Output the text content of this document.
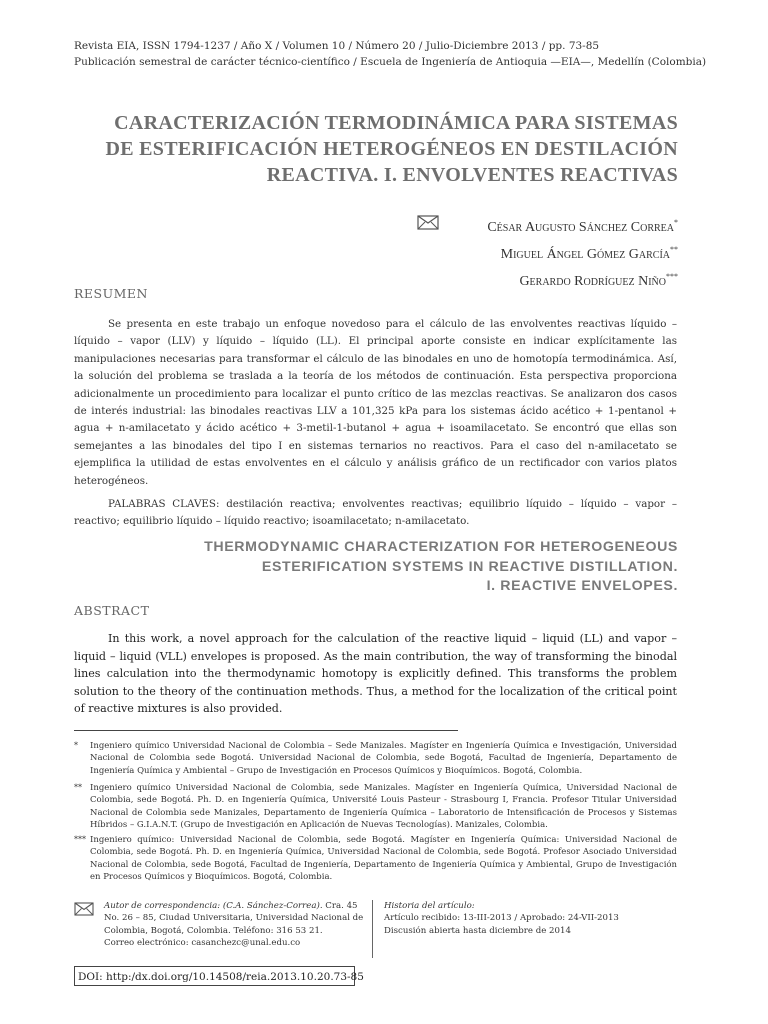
Revista EIA, ISSN 1794-1237 / Año X / Volumen 10 / Número 20 / Julio-Diciembre 2013 / pp. 73-85
Publicación semestral de carácter técnico-científico / Escuela de Ingeniería de Antioquia —EIA—, Medellín (Colombia)
CARACTERIZACIÓN TERMODINÁMICA PARA SISTEMAS
DE ESTERIFICACIÓN HETEROGÉNEOS EN DESTILACIÓN
REACTIVA. I. ENVOLVENTES REACTIVAS
César Augusto Sánchez Correa*
Miguel Ángel Gómez García**
Gerardo Rodríguez Niño***
RESUMEN

Se presenta en este trabajo un enfoque novedoso para el cálculo de las envolventes reactivas líquido – líquido – vapor (LLV) y líquido – líquido (LL). El principal aporte consiste en indicar explícitamente las manipulaciones necesarias para transformar el cálculo de las binodales en uno de homotopía termodinámica. Así, la solución del problema se traslada a la teoría de los métodos de continuación. Esta perspectiva proporciona adicionalmente un procedimiento para localizar el punto crítico de las mezclas reactivas. Se analizaron dos casos de interés industrial: las binodales reactivas LLV a 101,325 kPa para los sistemas ácido acético + 1-pentanol + agua + n-amilacetato y ácido acético + 3-metil-1-butanol + agua + isoamilacetato. Se encontró que ellas son semejantes a las binodales del tipo I en sistemas ternarios no reactivos. Para el caso del n-amilacetato se ejemplifica la utilidad de estas envolventes en el cálculo y análisis gráfico de un rectificador con varios platos heterogéneos.

PALABRAS CLAVES: destilación reactiva; envolventes reactivas; equilibrio líquido – líquido – vapor – reactivo; equilibrio líquido – líquido reactivo; isoamilacetato; n-amilacetato.

THERMODYNAMIC CHARACTERIZATION FOR HETEROGENEOUS
ESTERIFICATION SYSTEMS IN REACTIVE DISTILLATION.
I. REACTIVE ENVELOPES.
ABSTRACT

In this work, a novel approach for the calculation of the reactive liquid – liquid (LL) and vapor – liquid – liquid (VLL) envelopes is proposed. As the main contribution, the way of transforming the binodal lines calculation into the thermodynamic homotopy is explicitly defined. This transforms the problem solution to the theory of the continuation methods. Thus, a method for the localization of the critical point of reactive mixtures is also provided.

* Ingeniero químico Universidad Nacional de Colombia – Sede Manizales. Magíster en Ingeniería Química e Investigación, Universidad Nacional de Colombia sede Bogotá. Universidad Nacional de Colombia, sede Bogotá, Facultad de Ingeniería, Departamento de Ingeniería Química y Ambiental – Grupo de Investigación en Procesos Químicos y Bioquímicos. Bogotá, Colombia.
** Ingeniero químico Universidad Nacional de Colombia, sede Manizales. Magíster en Ingeniería Química, Universidad Nacional de Colombia, sede Bogotá. Ph. D. en Ingeniería Química, Université Louis Pasteur - Strasbourg I, Francia. Profesor Titular Universidad Nacional de Colombia sede Manizales, Departamento de Ingeniería Química – Laboratorio de Intensificación de Procesos y Sistemas Híbridos – G.I.A.N.T. (Grupo de Investigación en Aplicación de Nuevas Tecnologías). Manizales, Colombia.
*** Ingeniero químico: Universidad Nacional de Colombia, sede Bogotá. Magíster en Ingeniería Química: Universidad Nacional de Colombia, sede Bogotá. Ph. D. en Ingeniería Química, Universidad Nacional de Colombia, sede Bogotá. Profesor Asociado Universidad Nacional de Colombia, sede Bogotá, Facultad de Ingeniería, Departamento de Ingeniería Química y Ambiental, Grupo de Investigación en Procesos Químicos y Bioquímicos. Bogotá, Colombia.
Autor de correspondencia: (C.A. Sánchez-Correa). Cra. 45
No. 26 – 85, Ciudad Universitaria, Universidad Nacional de
Colombia, Bogotá, Colombia. Teléfono: 316 53 21.
Correo electrónico: casanchezc@unal.edu.co
Historia del artículo:
Artículo recibido: 13-III-2013 / Aprobado: 24-VII-2013
Discusión abierta hasta diciembre de 2014
DOI: http:/dx.doi.org/10.14508/reia.2013.10.20.73-85
